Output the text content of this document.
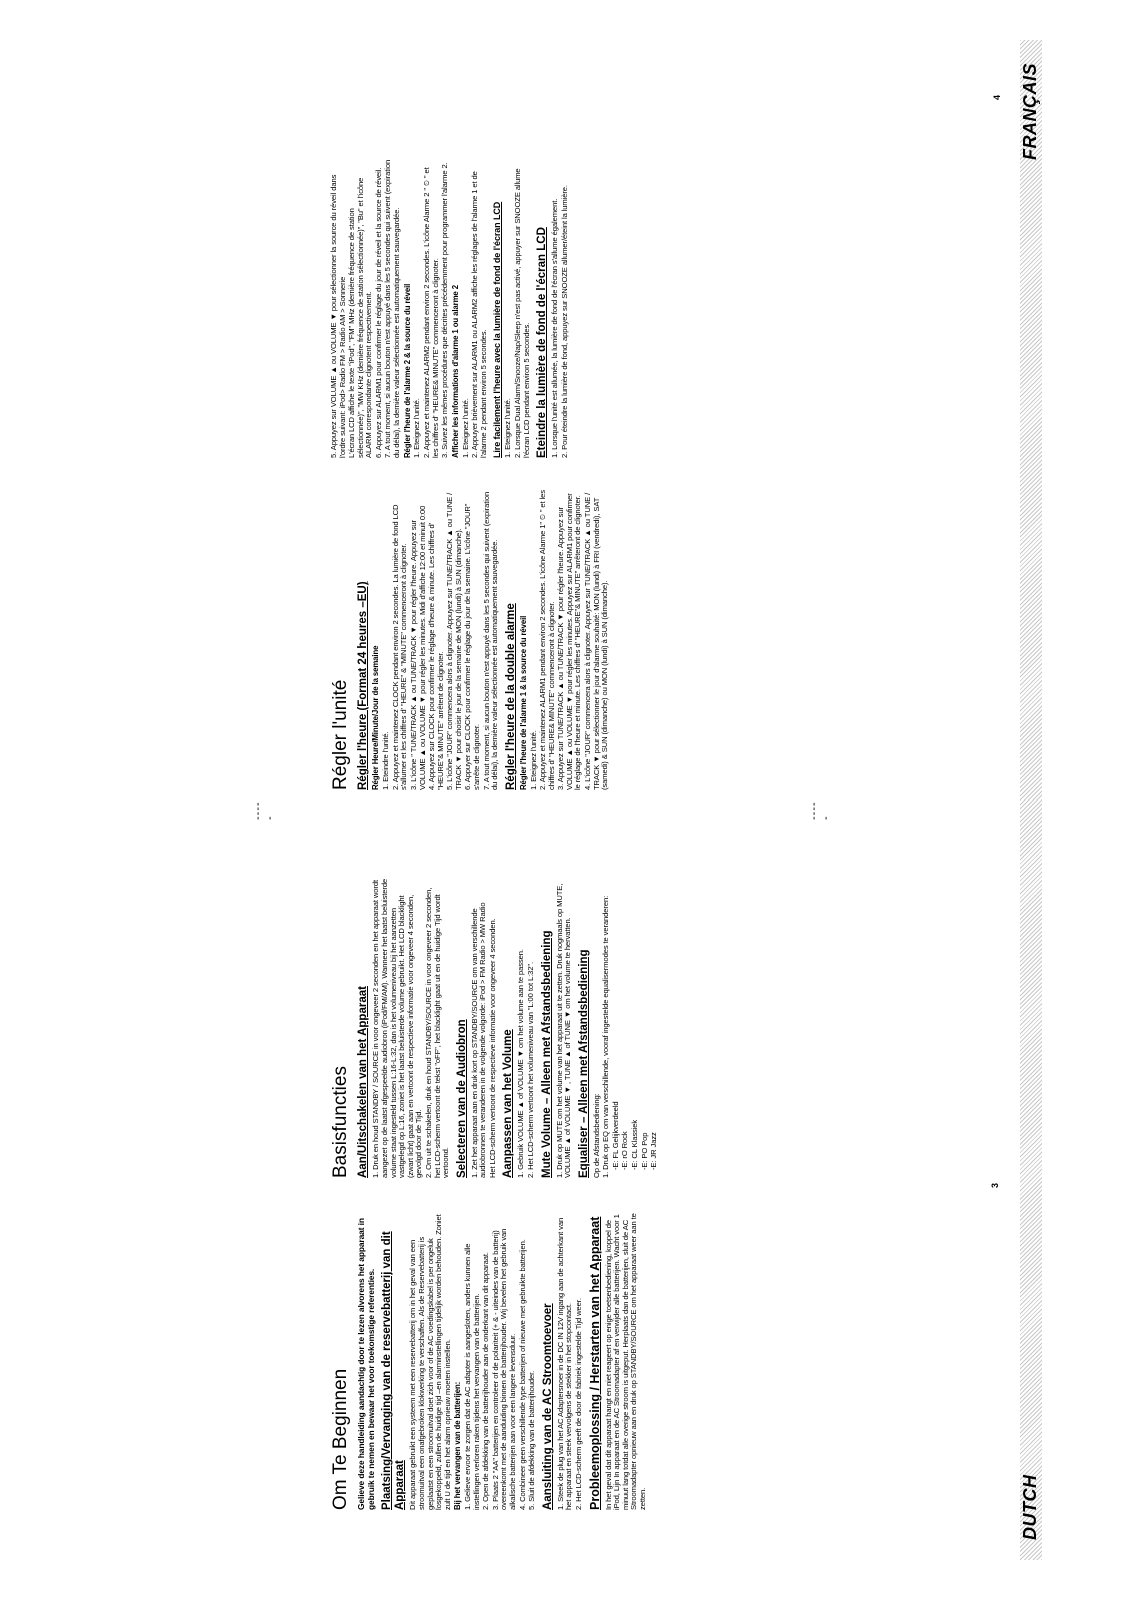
Om Te Beginnen Gelieve deze handleiding aandachtig door te lezen alvorens het apparaat in gebruik te nemen en bewaar het voor toekomstige referenties. Plaatsing/Vervanging van de reservebatterij van dit Apparaat Dit apparaat gebruikt een systeem met een reservebatterij om in het geval van een stroomuitval een onafgebroken klokwerking te verschaffen. Als de Reservebatterij is geplaatst en een stroomuitval doet zich voor of de AC voedingskabel is per ongeluk losgekoppeld, zullen de huidige tijd –en alarminstellingen tijdelijk worden behouden. Zoniet zult U de tijd en het alarm opnieuw moeten instellen. Bij het vervangen van de batterijen: 1. Gelieve ervoor te zorgen dat de AC adapter is aangesloten, anders kunnen alle instellingen verloren raken tijdens het vervangen van de batterijen. 2. Open de afdekking van de batterijhouder aan de onderkant van dit apparaat. 3. Plaats 2 "AA" batterijen en controleer of de polariteit (+ & - uiteindes van de batterij) overeenkomt met de aanduiding binnen de batterijhouder. Wij bevelen het gebruik van alkalische batterijen aan voor een langere levensduur. 4. Combineer geen verschillende type batterijen of nieuwe met gebruikte batterijen. 5. Sluit de afdekking van de batterijhouder. Aansluiting van de AC Stroomtoevoer 1. Steek de plug van het AC Adaptersnoer in de DC IN 12V ingang aan de achterkant van het apparaat en steek vervolgens de stekker in het stopcontact. 2. Het LCD-scherm geeft de door de fabriek ingestelde Tijd weer. Probleemoplossing / Herstarten van het Apparaat In het geval dat dit apparaat hangt en niet reageert op enige toetsenbediening, koppel de iPod, Lijn In apparaat en de AC Stroomadapter af en verwijder alle batterijen. Wacht voor 1 minuut lang totdat alle overige stroom is uitgeput. Herplaats dan de batterijen, sluit de AC Stroomadapter opnieuw aan en druk op STANDBY/SOURCE om het apparaat weer aan te zetten.

Basisfuncties Aan/Uitschakelen van het Apparaat 1. Druk en houd STANDBY / SOURCE in voor ongeveer 2 seconden en het apparaat wordt aangezet op de laatst afgespeelde audiobron (iPod/FM/AM). Wanneer het laatst beluisterde volume staat ingesteld tussen L:16-L:32, dan is het volumeniveau bij het aanzetten vastgelegd op L:16, zoniet is het laatst beluisterde volume gebruikt. Het LCD blacklight (zwart licht) gaat aan en vertoont de respectieve informatie voor ongeveer 4 seconden, gevolgd door de Tijd. 2. Om uit te schakelen, druk en houd STANDBY/SOURCE in voor ongeveer 2 seconden, het LCD-scherm vertoont de tekst "oFF", het blacklight gaat uit en de huidige Tijd wordt vertoond. Selecteren van de Audiobron 1. Zet het apparaat aan en druk kort op STANDBY/SOURCE om van verschillende audiobronnen te veranderen in de volgende volgorde: iPod > FM Radio > MW Radio Het LCD-scherm vertoont de respectieve informatie voor ongeveer 4 seconden. Aanpassen van het Volume 1. Gebruik VOLUME ▲ of VOLUME ▼ om het volume aan te passen. 2. Het LCD-scherm vertoont het volumeniveau van "L:00 tot L:32". Mute Volume – Alleen met Afstandsbediening 1. Druk op MUTE om het volume van het apparaat uit te zetten. Druk nogmaals op MUTE, VOLUME ▲ of VOLUME ▼ , TUNE ▲ of TUNE ▼ om het volume te hervatten. Equaliser – Alleen met Afstandsbediening Op de Afstandsbediening: 1. Druk op EQ om van verschillende, vooraf ingestelde equalisermodes te veranderen: -E: FL Gelijkverdeeld -E: rO Rock -E: CL Klassiek -E: PO Pop -E: JR Jazz
3
-----	-----
DUTCH
Régler l'unité Régler l'heure (Format 24 heures –EU) Régler Heure/Minute/Jour de la semaine 1. Eteindre l'unité. 2. Appuyez et maintenez CLOCK pendant environ 2 secondes. La lumière de fond LCD s'allumer et les chiffres d' "HEURE" & "MINUTE" commenceront à clignoter. 3. L'icône " TUNE/TRACK ▲ ou TUNE/TRACK ▼ pour régler l'heure. Appuyez sur VOLUME ▲ ou VOLUME ▼ pour régler les minutes. Midi d'affiche 12:00 et minuit 0:00 4. Appuyez sur CLOCK pour confirmer le réglage d'heure & minute. Les chiffres d' "HEURE"& MINUTE" arrêtent de clignoter. 5. L'icône "JOUR" commencera alors à clignoter. Appuyez sur TUNE/TRACK ▲ ou TUNE / TRACK ▼ pour choisir le jour de la semaine de MON (lundi) à SUN (dimanche). 6. Appuyer sur CLOCK pour confirmer le réglage du jour de la semaine. L'icône "JOUR" s'arrête de clignoter. 7. A tout moment, si aucun bouton n'est appuyé dans les 5 secondes qui suivent (expiration du délai), la dernière valeur sélectionnée est automatiquement sauvegardée. Régler l'heure de la double alarme Régler l'heure de l'alarme 1 & la source du réveil 1. Eteignez l'unité. 2. Appuyez et maintenez ALARM1 pendant environ 2 secondes. L'icône Alarme 1" ⏲ " et les chiffres d' "HEURE& MINUTE" commenceront à clignoter. 3. Appuyez sur TUNE/TRACK ▲ ou TUNE/TRACK ▼ pour régler l'heure. Appuyez sur VOLUME ▲ ou VOLUME ▼ pour régler les minutes. Appuyez sur ALARM1 pour confirmer le réglage de l'heure et minute. Les chiffres d' "HEURE"& MINUTE" arrêteront de clignoter. 4. L'icône "JOUR" commencera alors à clignoter. Appuyez sur TUNE/TRACK ▲ ou TUNE / TRACK ▼ pour sélectionner le jour d'alarme souhaité: MON (lundi) à FRI (vendredi), SAT (samedi) & SUN (dimanche) ou MON (lundi) à SUN (dimanche).
5. Appuyez sur VOLUME ▲ ou VOLUME ▼ pour sélectionner la source du réveil dans l'ordre suivant: iPod> Radio FM > Radio AM > Sonnerie L'écran LCD affiche le texte "iPod", "FM" MHz (dernière fréquence de station sélectionnée)", "MW KHz (dernière fréquence de station sélectionnée)", "Bu" et l'icône ALARM correspondante clignotent respectivement. 6. Appuyez sur ALARM1 pour confirmer le réglage du jour de réveil et la source de réveil. 7. A tout moment, si aucun bouton n'est appuyé dans les 5 secondes qui suivent (expiration du délai), la dernière valeur sélectionnée est automatiquement sauvegardée. Régler l'heure de l'alarme 2 & la source du réveil 1. Eteignez l'unité. 2. Appuyez et maintenez ALARM2 pendant environ 2 secondes. L'icône Alarme 2 " ⏲ " et les chiffres d' "HEURE& MINUTE" commenceront à clignoter. 3. Suivez les mêmes procédures que décrites précédemment pour programmer l'alarme 2. Afficher les informations d'alarme 1 ou alarme 2 1. Eteignez l'unité. 2. Appuyer brièvement sur ALARM1 ou ALARM2 affiche les réglages de l'alarme 1 et de l'alarme 2 pendant environ 5 secondes. Lire facilement l'heure avec la lumière de fond de l'écran LCD 1. Eteignez l'unité. 2. Lorsque Dual Alarm/Snooze/Nap/Sleep n'est pas activé, appuyer sur SNOOZE allume l'écran LCD pendant environ 5 secondes. Eteindre la lumière de fond de l'écran LCD 1. Lorsque l'unité est allumée, la lumière de fond de l'écran s'allume également. 2. Pour éteindre la lumière de fond, appuyez sur SNOOZE allumer/éteint la lumière.
4 FRANÇAIS
